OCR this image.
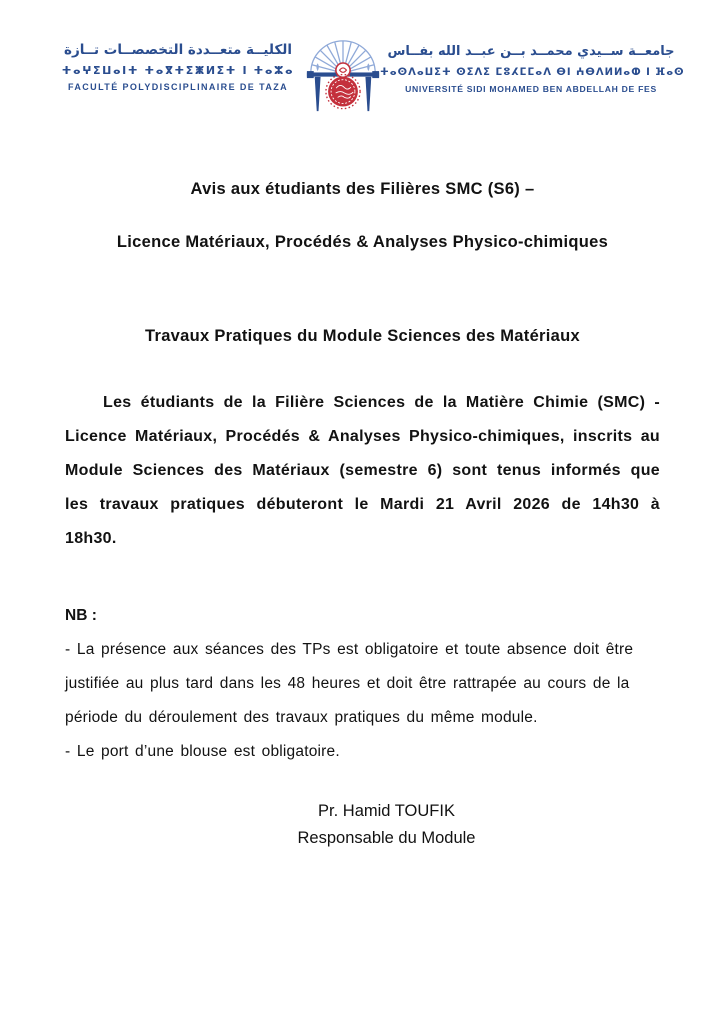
الكليــة متعــددة التخصصــات تــازة
ⵜⴰⵖⵉⵡⴰⵏⵜ ⵜⴰⴳⵜⵉⵥⵍⵉⵜ ⵏ ⵜⴰⵣⴰ
FACULTÉ POLYDISCIPLINAIRE DE TAZA
جامعــة ســيدي محمــد بــن عبــد الله بفــاس
ⵜⴰⵙⴷⴰⵡⵉⵜ ⵙⵉⴷⵉ ⵎⵓⵃⵎⵎⴰⴷ ⴱⵏ ⵄⴱⴷⵍⵍⴰⵀ ⵏ ⴼⴰⵙ
UNIVERSITÉ SIDI MOHAMED BEN ABDELLAH DE FES

Avis aux étudiants des Filières SMC (S6) –

Licence Matériaux, Procédés & Analyses Physico-chimiques

Travaux Pratiques du Module Sciences des Matériaux

Les étudiants de la Filière Sciences de la Matière Chimie (SMC) - Licence Matériaux, Procédés & Analyses Physico-chimiques, inscrits au Module Sciences des Matériaux (semestre 6) sont tenus informés que les travaux pratiques débuteront le Mardi 21 Avril 2026 de 14h30 à 18h30.

NB :

- La présence aux séances des TPs est obligatoire et toute absence doit être justifiée au plus tard dans les 48 heures et doit être rattrapée au cours de la période du déroulement des travaux pratiques du même module.

- Le port d’une blouse est obligatoire.

Pr. Hamid TOUFIK

Responsable du Module
